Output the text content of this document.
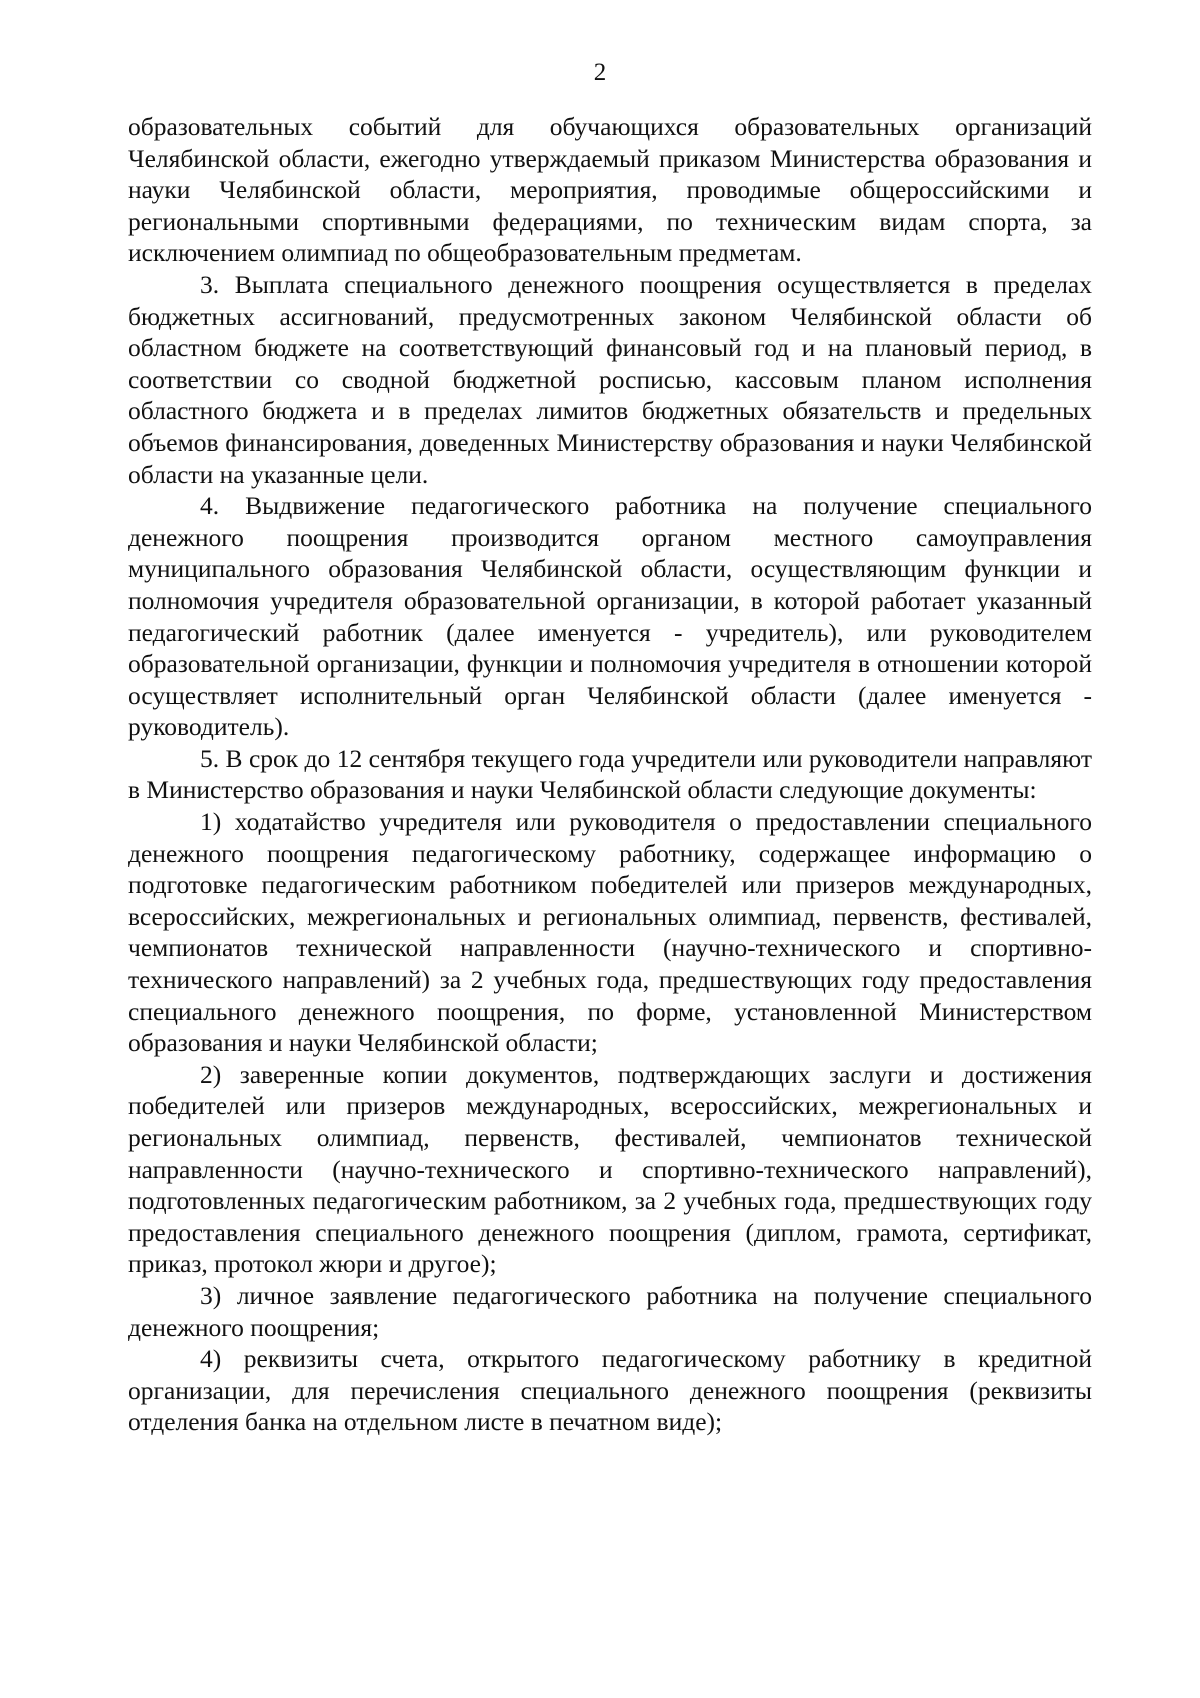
2

образовательных событий для обучающихся образовательных организаций Челябинской области, ежегодно утверждаемый приказом Министерства образования и науки Челябинской области, мероприятия, проводимые общероссийскими и региональными спортивными федерациями, по техническим видам спорта, за исключением олимпиад по общеобразовательным предметам.

3. Выплата специального денежного поощрения осуществляется в пределах бюджетных ассигнований, предусмотренных законом Челябинской области об областном бюджете на соответствующий финансовый год и на плановый период, в соответствии со сводной бюджетной росписью, кассовым планом исполнения областного бюджета и в пределах лимитов бюджетных обязательств и предельных объемов финансирования, доведенных Министерству образования и науки Челябинской области на указанные цели.

4. Выдвижение педагогического работника на получение специального денежного поощрения производится органом местного самоуправления муниципального образования Челябинской области, осуществляющим функции и полномочия учредителя образовательной организации, в которой работает указанный педагогический работник (далее именуется - учредитель), или руководителем образовательной организации, функции и полномочия учредителя в отношении которой осуществляет исполнительный орган Челябинской области (далее именуется - руководитель).

5. В срок до 12 сентября текущего года учредители или руководители направляют в Министерство образования и науки Челябинской области следующие документы:

1) ходатайство учредителя или руководителя о предоставлении специального денежного поощрения педагогическому работнику, содержащее информацию о подготовке педагогическим работником победителей или призеров международных, всероссийских, межрегиональных и региональных олимпиад, первенств, фестивалей, чемпионатов технической направленности (научно-технического и спортивно-технического направлений) за 2 учебных года, предшествующих году предоставления специального денежного поощрения, по форме, установленной Министерством образования и науки Челябинской области;

2) заверенные копии документов, подтверждающих заслуги и достижения победителей или призеров международных, всероссийских, межрегиональных и региональных олимпиад, первенств, фестивалей, чемпионатов технической направленности (научно-технического и спортивно-технического направлений), подготовленных педагогическим работником, за 2 учебных года, предшествующих году предоставления специального денежного поощрения (диплом, грамота, сертификат, приказ, протокол жюри и другое);

3) личное заявление педагогического работника на получение специального денежного поощрения;

4) реквизиты счета, открытого педагогическому работнику в кредитной организации, для перечисления специального денежного поощрения (реквизиты отделения банка на отдельном листе в печатном виде);
